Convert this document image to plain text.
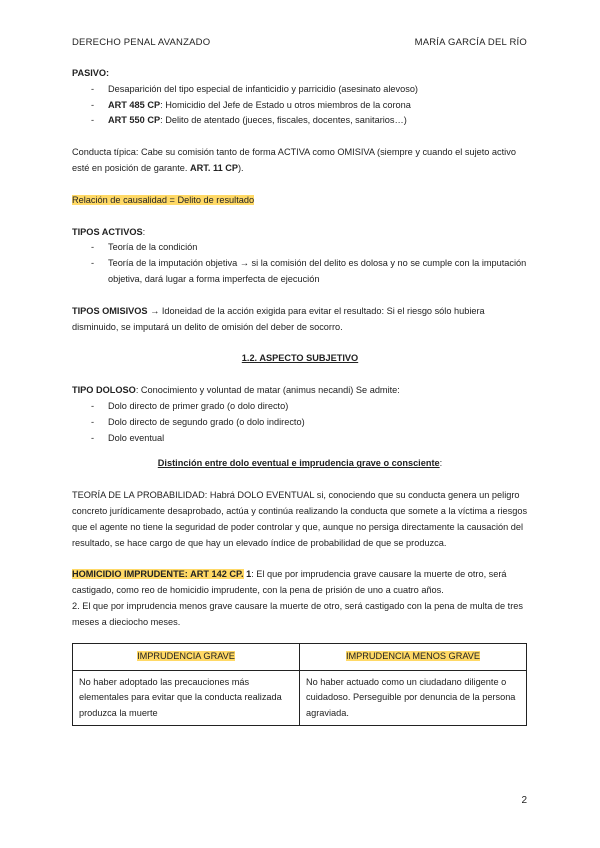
DERECHO PENAL AVANZADO	MARÍA GARCÍA DEL RÍO

PASIVO:

- Desaparición del tipo especial de infanticidio y parricidio (asesinato alevoso)
- ART 485 CP: Homicidio del Jefe de Estado u otros miembros de la corona
- ART 550 CP: Delito de atentado (jueces, fiscales, docentes, sanitarios…)

Conducta típica: Cabe su comisión tanto de forma ACTIVA como OMISIVA (siempre y cuando el sujeto activo esté en posición de garante. ART. 11 CP).

Relación de causalidad = Delito de resultado

TIPOS ACTIVOS:

- Teoría de la condición
- Teoría de la imputación objetiva → si la comisión del delito es dolosa y no se cumple con la imputación objetiva, dará lugar a forma imperfecta de ejecución

TIPOS OMISIVOS → Idoneidad de la acción exigida para evitar el resultado: Si el riesgo sólo hubiera disminuido, se imputará un delito de omisión del deber de socorro.

1.2. ASPECTO SUBJETIVO

TIPO DOLOSO: Conocimiento y voluntad de matar (animus necandi) Se admite:

- Dolo directo de primer grado (o dolo directo)
- Dolo directo de segundo grado (o dolo indirecto)
- Dolo eventual

Distinción entre dolo eventual e imprudencia grave o consciente:

TEORÍA DE LA PROBABILIDAD: Habrá DOLO EVENTUAL si, conociendo que su conducta genera un peligro concreto jurídicamente desaprobado, actúa y continúa realizando la conducta que somete a la víctima a riesgos que el agente no tiene la seguridad de poder controlar y que, aunque no persiga directamente la causación del resultado, se hace cargo de que hay un elevado índice de probabilidad de que se produzca.

HOMICIDIO IMPRUDENTE: ART 142 CP. 1: El que por imprudencia grave causare la muerte de otro, será castigado, como reo de homicidio imprudente, con la pena de prisión de uno a cuatro años.

2. El que por imprudencia menos grave causare la muerte de otro, será castigado con la pena de multa de tres meses a dieciocho meses.

IMPRUDENCIA GRAVE	IMPRUDENCIA MENOS GRAVE
No haber adoptado las precauciones más elementales para evitar que la conducta realizada produzca la muerte	No haber actuado como un ciudadano diligente o cuidadoso. Perseguible por denuncia de la persona agraviada.
2
